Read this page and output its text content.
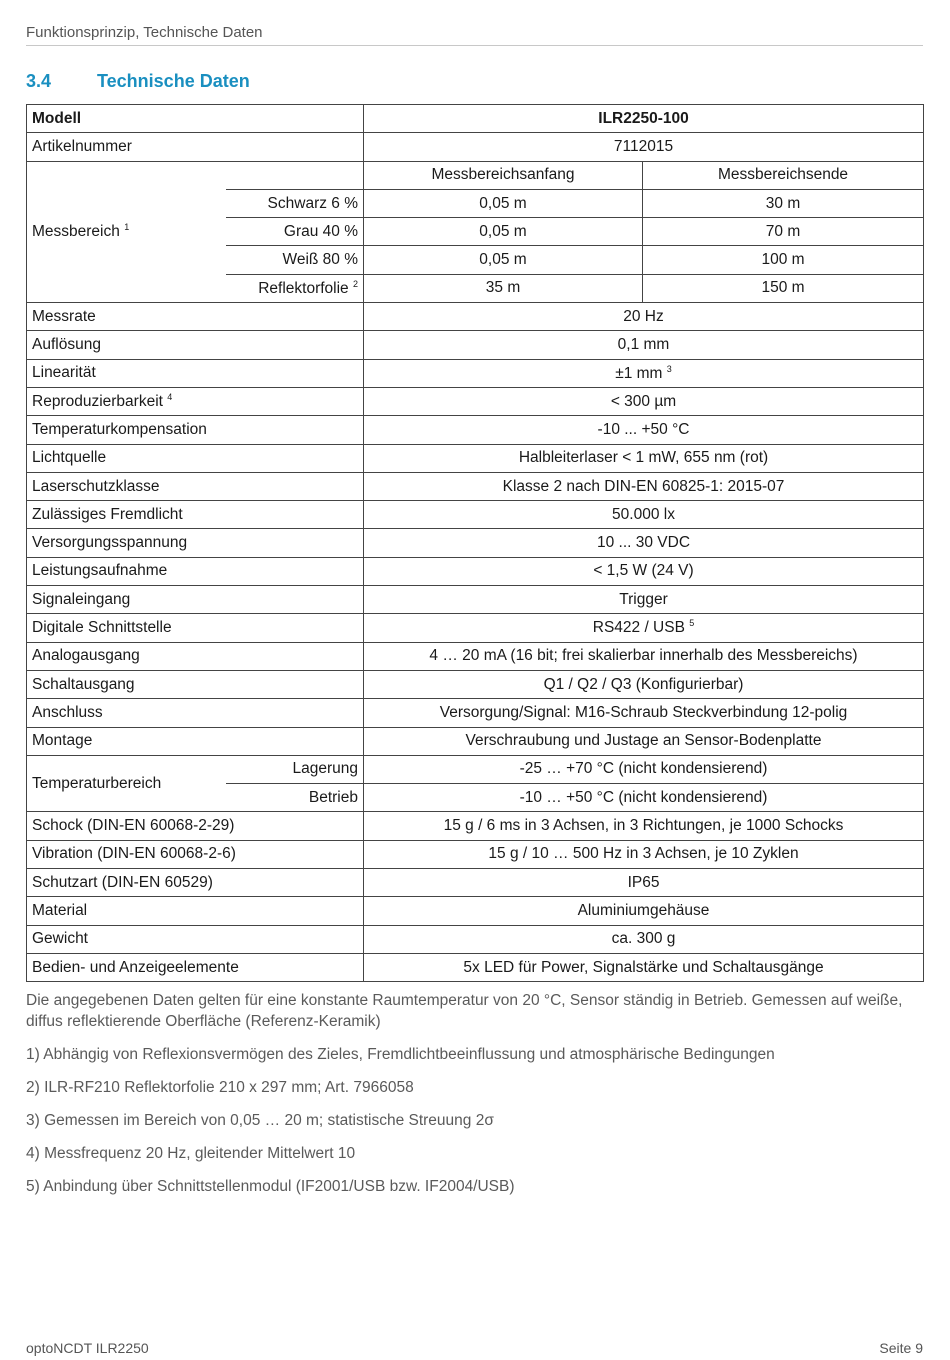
Funktionsprinzip, Technische Daten
3.4	Technische Daten
Modell		ILR2250-100	
Artikelnummer		7112015	
Messbereich $^1$		Messbereichsanfang	Messbereichsende
	Schwarz 6 %	0,05 m	30 m
	Grau 40 %	0,05 m	70 m
	Weiß 80 %	0,05 m	100 m
	Reflektorfolie $^2$	35 m	150 m
Messrate		20 Hz	
Auflösung		0,1 mm	
Linearität		±1 mm $^3$
Reproduzierbarkeit $^4$		< 300 µm	
Temperaturkompensation		-10 ... +50 °C	
Lichtquelle		Halbleiterlaser < 1 mW, 655 nm (rot)	
Laserschutzklasse		Klasse 2 nach DIN-EN 60825-1: 2015-07	
Zulässiges Fremdlicht		50.000 lx	
Versorgungsspannung		10 ... 30 VDC	
Leistungsaufnahme		< 1,5 W (24 V)	
Signaleingang		Trigger	
Digitale Schnittstelle		RS422 / USB $^5$
Analogausgang		4 … 20 mA (16 bit; frei skalierbar innerhalb des Messbereichs)	
Schaltausgang		Q1 / Q2 / Q3 (Konfigurierbar)	
Anschluss		Versorgung/Signal: M16-Schraub Steckverbindung 12-polig	
Montage		Verschraubung und Justage an Sensor-Bodenplatte	
Temperaturbereich	Lagerung	-25 … +70 °C (nicht kondensierend)	
	Betrieb	-10 … +50 °C (nicht kondensierend)	
Schock (DIN-EN 60068-2-29)		15 g / 6 ms in 3 Achsen, in 3 Richtungen, je 1000 Schocks	
Vibration (DIN-EN 60068-2-6)		15 g / 10 … 500 Hz in 3 Achsen, je 10 Zyklen	
Schutzart (DIN-EN 60529)		IP65	
Material		Aluminiumgehäuse	
Gewicht		ca. 300 g	
Bedien- und Anzeigeelemente		5x LED für Power, Signalstärke und Schaltausgänge	

Die angegebenen Daten gelten für eine konstante Raumtemperatur von 20 °C, Sensor ständig in Betrieb. Gemessen auf weiße, diffus reflektierende Oberfläche (Referenz-Keramik)

1) Abhängig von Reflexionsvermögen des Zieles, Fremdlichtbeeinflussung und atmosphärische Bedingungen

2) ILR-RF210 Reflektorfolie 210 x 297 mm; Art. 7966058

3) Gemessen im Bereich von 0,05 … 20 m; statistische Streuung 2σ

4) Messfrequenz 20 Hz, gleitender Mittelwert 10

5) Anbindung über Schnittstellenmodul (IF2001/USB bzw. IF2004/USB)

optoNCDT ILR2250	Seite 9
